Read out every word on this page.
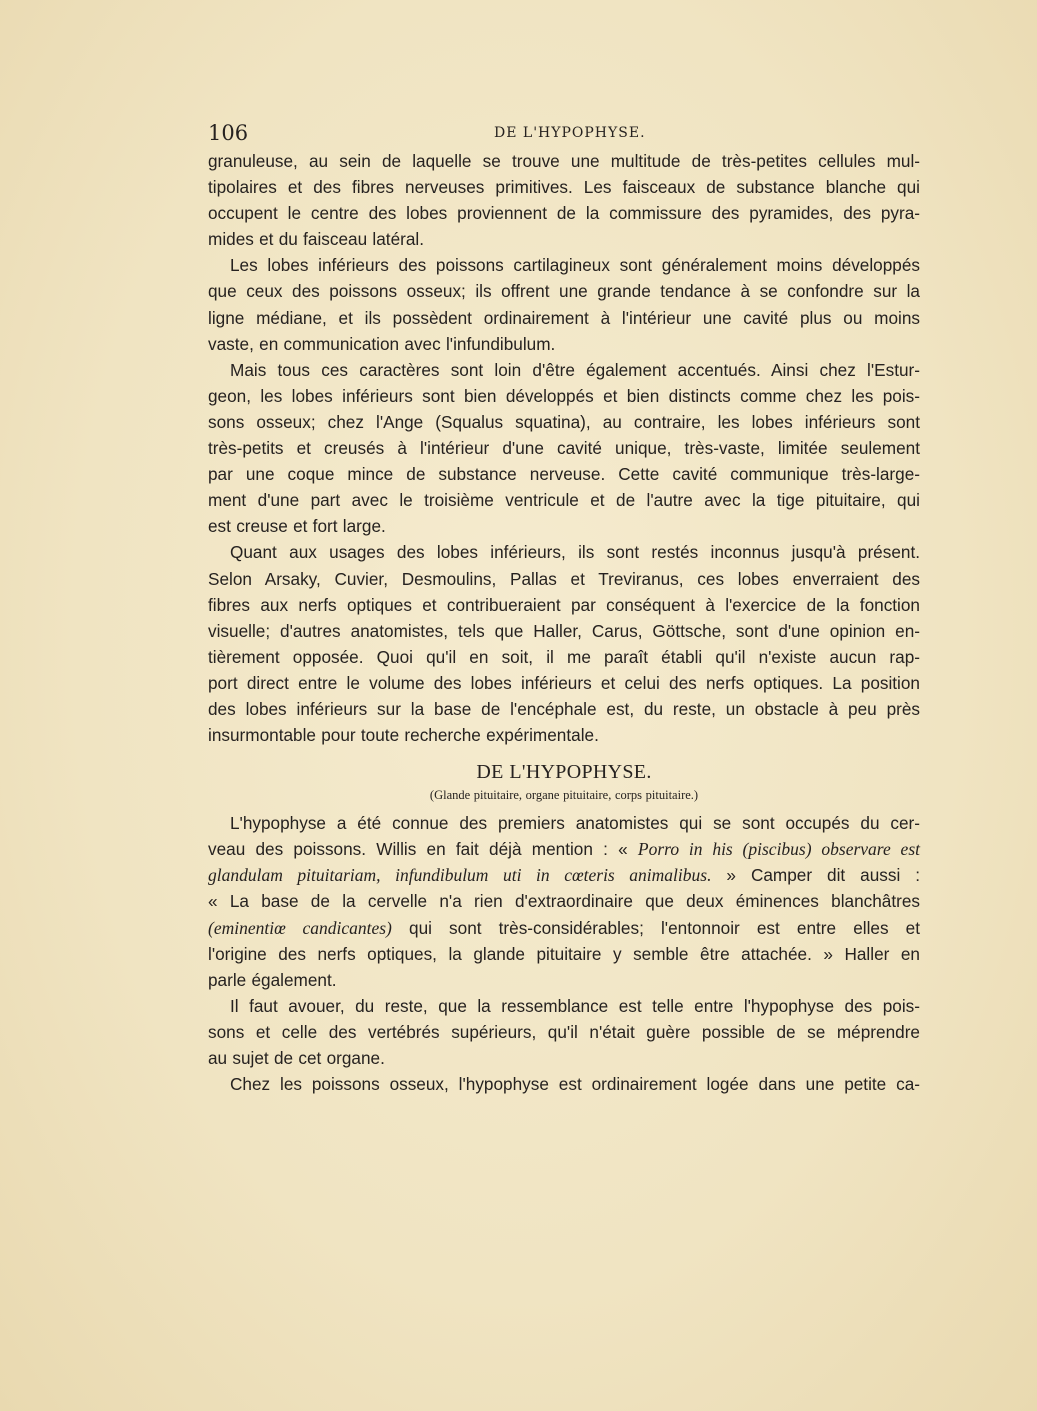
106	DE L'HYPOPHYSE.
granuleuse, au sein de laquelle se trouve une multitude de très-petites cellules mul-
tipolaires et des fibres nerveuses primitives. Les faisceaux de substance blanche qui
occupent le centre des lobes proviennent de la commissure des pyramides, des pyra-
mides et du faisceau latéral.
Les lobes inférieurs des poissons cartilagineux sont généralement moins développés
que ceux des poissons osseux; ils offrent une grande tendance à se confondre sur la
ligne médiane, et ils possèdent ordinairement à l'intérieur une cavité plus ou moins
vaste, en communication avec l'infundibulum.
Mais tous ces caractères sont loin d'être également accentués. Ainsi chez l'Estur-
geon, les lobes inférieurs sont bien développés et bien distincts comme chez les pois-
sons osseux; chez l'Ange (Squalus squatina), au contraire, les lobes inférieurs sont
très-petits et creusés à l'intérieur d'une cavité unique, très-vaste, limitée seulement
par une coque mince de substance nerveuse. Cette cavité communique très-large-
ment d'une part avec le troisième ventricule et de l'autre avec la tige pituitaire, qui
est creuse et fort large.
Quant aux usages des lobes inférieurs, ils sont restés inconnus jusqu'à présent.
Selon Arsaky, Cuvier, Desmoulins, Pallas et Treviranus, ces lobes enverraient des
fibres aux nerfs optiques et contribueraient par conséquent à l'exercice de la fonction
visuelle; d'autres anatomistes, tels que Haller, Carus, Göttsche, sont d'une opinion en-
tièrement opposée. Quoi qu'il en soit, il me paraît établi qu'il n'existe aucun rap-
port direct entre le volume des lobes inférieurs et celui des nerfs optiques. La position
des lobes inférieurs sur la base de l'encéphale est, du reste, un obstacle à peu près
insurmontable pour toute recherche expérimentale.
DE L'HYPOPHYSE.
(Glande pituitaire, organe pituitaire, corps pituitaire.)
L'hypophyse a été connue des premiers anatomistes qui se sont occupés du cer-
veau des poissons. Willis en fait déjà mention : « Porro in his (piscibus) observare est
glandulam pituitariam, infundibulum uti in cœteris animalibus. » Camper dit aussi :
« La base de la cervelle n'a rien d'extraordinaire que deux éminences blanchâtres
(eminentiœ candicantes) qui sont très-considérables; l'entonnoir est entre elles et
l'origine des nerfs optiques, la glande pituitaire y semble être attachée. » Haller en
parle également.
Il faut avouer, du reste, que la ressemblance est telle entre l'hypophyse des pois-
sons et celle des vertébrés supérieurs, qu'il n'était guère possible de se méprendre
au sujet de cet organe.
Chez les poissons osseux, l'hypophyse est ordinairement logée dans une petite ca-
